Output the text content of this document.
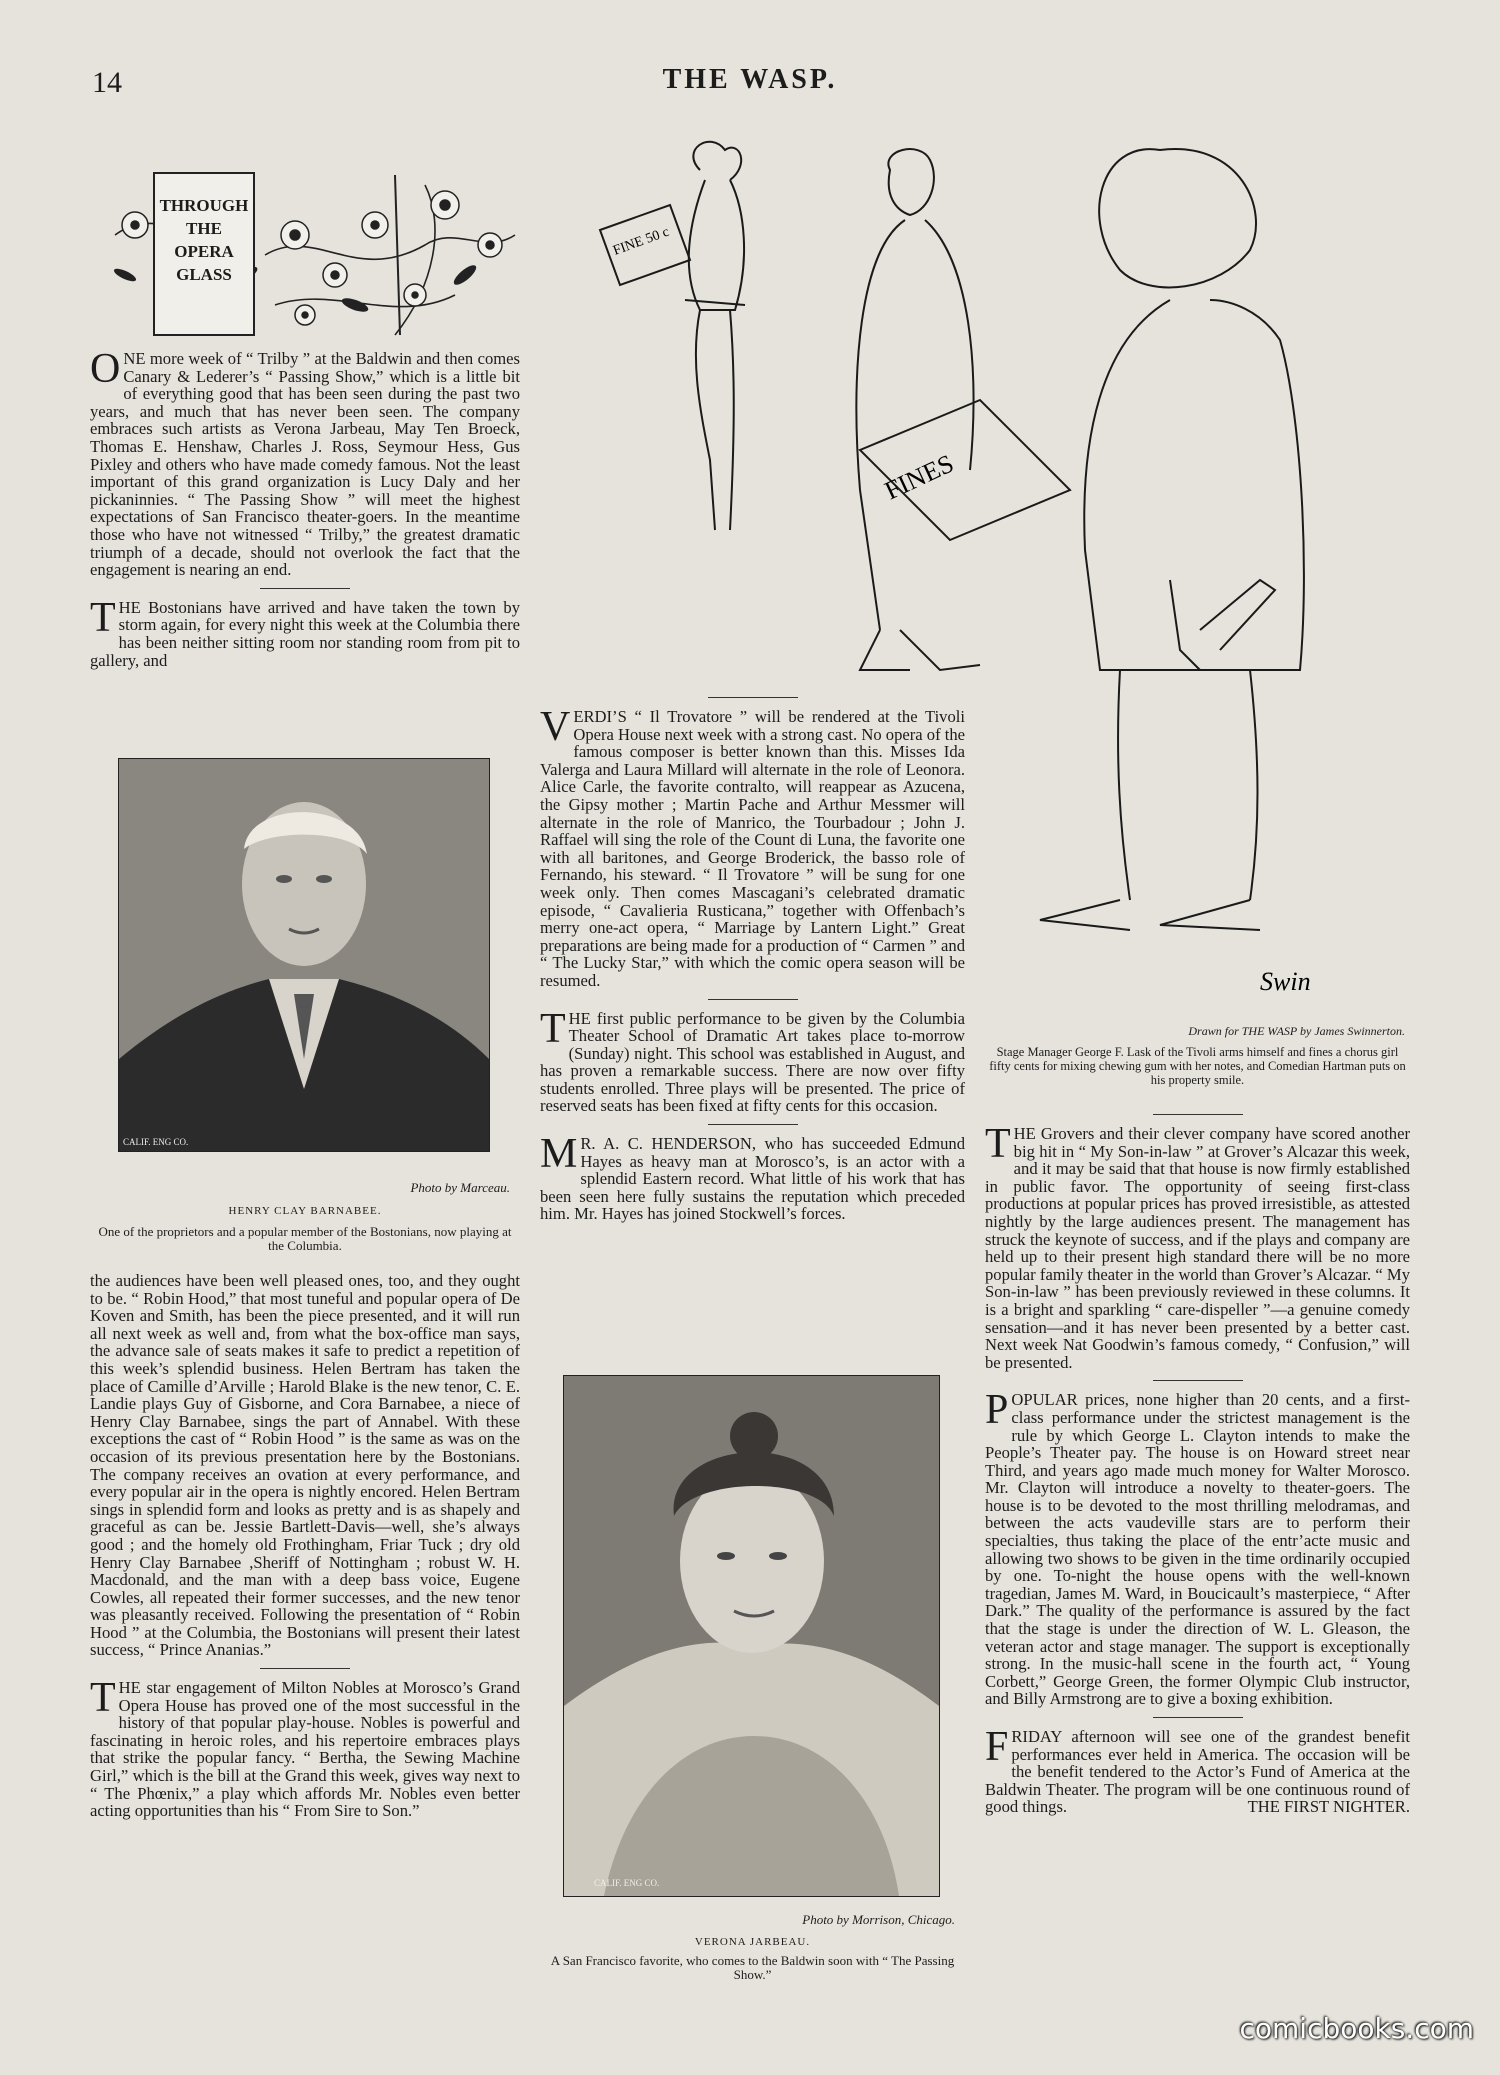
14	THE WASP.
THROUGH
THE
OPERA
GLASS

ONE more week of “ Trilby ” at the Baldwin and then comes Canary & Lederer’s “ Passing Show,” which is a little bit of everything good that has been seen during the past two years, and much that has never been seen. The company embraces such artists as Verona Jarbeau, May Ten Broeck, Thomas E. Henshaw, Charles J. Ross, Seymour Hess, Gus Pixley and others who have made comedy famous. Not the least important of this grand organization is Lucy Daly and her pickaninnies. “ The Passing Show ” will meet the highest expectations of San Francisco theater-goers. In the meantime those who have not witnessed “ Trilby,” the greatest dramatic triumph of a decade, should not overlook the fact that the engagement is nearing an end.

THE Bostonians have arrived and have taken the town by storm again, for every night this week at the Columbia there has been neither sitting room nor standing room from pit to gallery, and

CALIF. ENG CO.
Photo by Marceau.
HENRY CLAY BARNABEE.
One of the proprietors and a popular member of the Bostonians, now playing at the Columbia.

the audiences have been well pleased ones, too, and they ought to be. “ Robin Hood,” that most tuneful and popular opera of De Koven and Smith, has been the piece presented, and it will run all next week as well and, from what the box-office man says, the advance sale of seats makes it safe to predict a repetition of this week’s splendid business. Helen Bertram has taken the place of Camille d’Arville ; Harold Blake is the new tenor, C. E. Landie plays Guy of Gisborne, and Cora Barnabee, a niece of Henry Clay Barnabee, sings the part of Annabel. With these exceptions the cast of “ Robin Hood ” is the same as was on the occasion of its previous presentation here by the Bostonians. The company receives an ovation at every performance, and every popular air in the opera is nightly encored. Helen Bertram sings in splendid form and looks as pretty and is as shapely and graceful as can be. Jessie Bartlett-Davis—well, she’s always good ; and the homely old Frothingham, Friar Tuck ; dry old Henry Clay Barnabee ,Sheriff of Nottingham ; robust W. H. Macdonald, and the man with a deep bass voice, Eugene Cowles, all repeated their former successes, and the new tenor was pleasantly received. Following the presentation of “ Robin Hood ” at the Columbia, the Bostonians will present their latest success, “ Prince Ananias.”

THE star engagement of Milton Nobles at Morosco’s Grand Opera House has proved one of the most successful in the history of that popular play-house. Nobles is powerful and fascinating in heroic roles, and his repertoire embraces plays that strike the popular fancy. “ Bertha, the Sewing Machine Girl,” which is the bill at the Grand this week, gives way next to “ The Phœnix,” a play which affords Mr. Nobles even better acting opportunities than his “ From Sire to Son.”

FINE 50 c
FINES
Swin

VERDI’S “ Il Trovatore ” will be rendered at the Tivoli Opera House next week with a strong cast. No opera of the famous composer is better known than this. Misses Ida Valerga and Laura Millard will alternate in the role of Leonora. Alice Carle, the favorite contralto, will reappear as Azucena, the Gipsy mother ; Martin Pache and Arthur Messmer will alternate in the role of Manrico, the Tourbadour ; John J. Raffael will sing the role of the Count di Luna, the favorite one with all baritones, and George Broderick, the basso role of Fernando, his steward. “ Il Trovatore ” will be sung for one week only. Then comes Mascagani’s celebrated dramatic episode, “ Cavalieria Rusticana,” together with Offenbach’s merry one-act opera, “ Marriage by Lantern Light.” Great preparations are being made for a production of “ Carmen ” and “ The Lucky Star,” with which the comic opera season will be resumed.

THE first public performance to be given by the Columbia Theater School of Dramatic Art takes place to-morrow (Sunday) night. This school was established in August, and has proven a remarkable success. There are now over fifty students enrolled. Three plays will be presented. The price of reserved seats has been fixed at fifty cents for this occasion.

M R. A. C. HENDERSON, who has succeeded Edmund Hayes as heavy man at Morosco’s, is an actor with a splendid Eastern record. What little of his work that has been seen here fully sustains the reputation which preceded him. Mr. Hayes has joined Stockwell’s forces.

CALIF. ENG CO.
Photo by Morrison, Chicago.
VERONA JARBEAU.
A San Francisco favorite, who comes to the Baldwin soon with “ The Passing Show.”
Drawn for THE WASP by James Swinnerton.
Stage Manager George F. Lask of the Tivoli arms himself and fines a chorus girl fifty cents for mixing chewing gum with her notes, and Comedian Hartman puts on his property smile.

THE Grovers and their clever company have scored another big hit in “ My Son-in-law ” at Grover’s Alcazar this week, and it may be said that that house is now firmly established in public favor. The opportunity of seeing first-class productions at popular prices has proved irresistible, as attested nightly by the large audiences present. The management has struck the keynote of success, and if the plays and company are held up to their present high standard there will be no more popular family theater in the world than Grover’s Alcazar. “ My Son-in-law ” has been previously reviewed in these columns. It is a bright and sparkling “ care-dispeller ”—a genuine comedy sensation—and it has never been presented by a better cast. Next week Nat Goodwin’s famous comedy, “ Confusion,” will be presented.

POPULAR prices, none higher than 20 cents, and a first-class performance under the strictest management is the rule by which George L. Clayton intends to make the People’s Theater pay. The house is on Howard street near Third, and years ago made much money for Walter Morosco. Mr. Clayton will introduce a novelty to theater-goers. The house is to be devoted to the most thrilling melodramas, and between the acts vaudeville stars are to perform their specialties, thus taking the place of the entr’acte music and allowing two shows to be given in the time ordinarily occupied by one. To-night the house opens with the well-known tragedian, James M. Ward, in Boucicault’s masterpiece, “ After Dark.” The quality of the performance is assured by the fact that the stage is under the direction of W. L. Gleason, the veteran actor and stage manager. The support is exceptionally strong. In the music-hall scene in the fourth act, “ Young Corbett,” George Green, the former Olympic Club instructor, and Billy Armstrong are to give a boxing exhibition.

FRIDAY afternoon will see one of the grandest benefit performances ever held in America. The occasion will be the benefit tendered to the Actor’s Fund of America at the Baldwin Theater. The program will be one continuous round of good things.	THE FIRST NIGHTER.

comicbooks.com
